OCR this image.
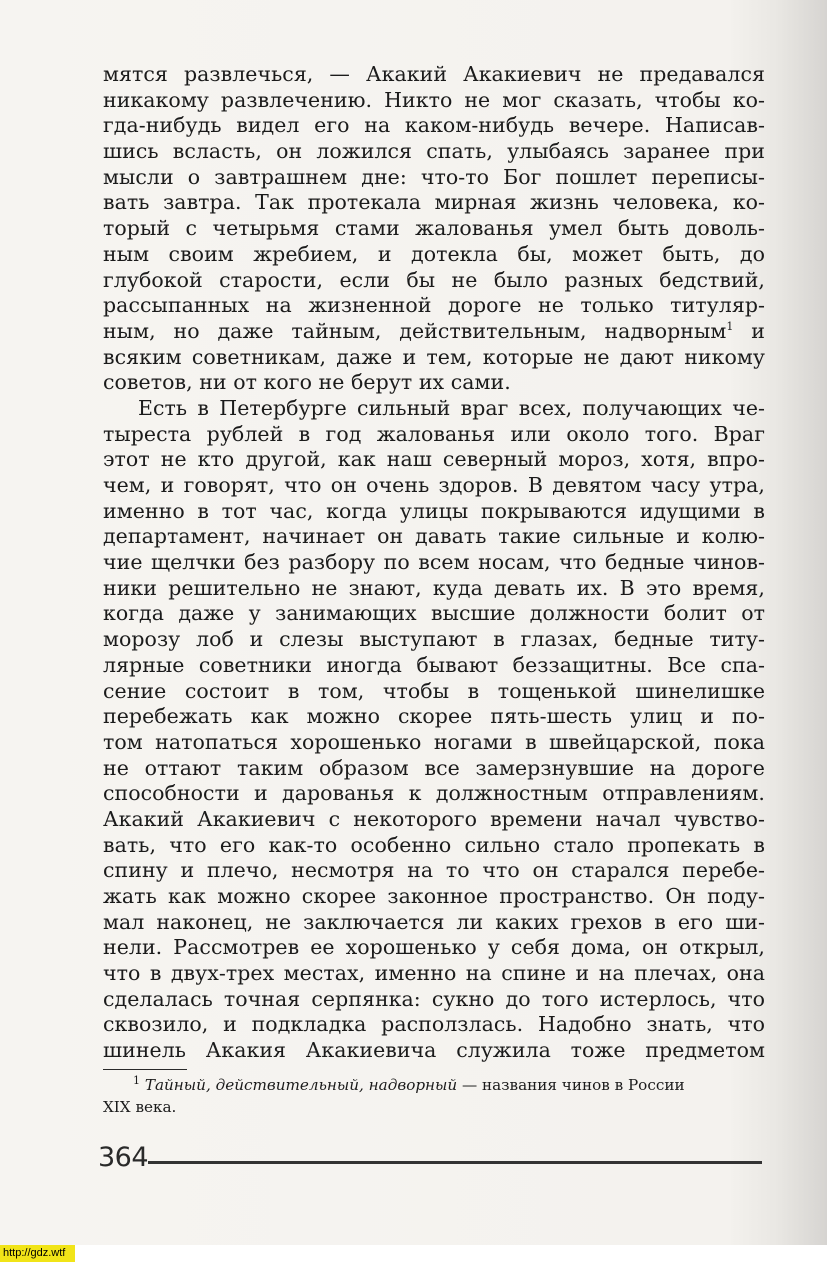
мятся развлечься, — Акакий Акакиевич не предавался
никакому развлечению. Никто не мог сказать, чтобы ко-
гда-нибудь видел его на каком-нибудь вечере. Написав-
шись всласть, он ложился спать, улыбаясь заранее при
мысли о завтрашнем дне: что-то Бог пошлет переписы-
вать завтра. Так протекала мирная жизнь человека, ко-
торый с четырьмя стами жалованья умел быть доволь-
ным своим жребием, и дотекла бы, может быть, до
глубокой старости, если бы не было разных бедствий,
рассыпанных на жизненной дороге не только титуляр-
ным, но даже тайным, действительным, надворным$^1$ и
всяким советникам, даже и тем, которые не дают никому
советов, ни от кого не берут их сами.
Есть в Петербурге сильный враг всех, получающих че-
тыреста рублей в год жалованья или около того. Враг
этот не кто другой, как наш северный мороз, хотя, впро-
чем, и говорят, что он очень здоров. В девятом часу утра,
именно в тот час, когда улицы покрываются идущими в
департамент, начинает он давать такие сильные и колю-
чие щелчки без разбору по всем носам, что бедные чинов-
ники решительно не знают, куда девать их. В это время,
когда даже у занимающих высшие должности болит от
морозу лоб и слезы выступают в глазах, бедные титу-
лярные советники иногда бывают беззащитны. Все спа-
сение состоит в том, чтобы в тощенькой шинелишке
перебежать как можно скорее пять-шесть улиц и по-
том натопаться хорошенько ногами в швейцарской, пока
не оттают таким образом все замерзнувшие на дороге
способности и дарованья к должностным отправлениям.
Акакий Акакиевич с некоторого времени начал чувство-
вать, что его как-то особенно сильно стало пропекать в
спину и плечо, несмотря на то что он старался перебе-
жать как можно скорее законное пространство. Он поду-
мал наконец, не заключается ли каких грехов в его ши-
нели. Рассмотрев ее хорошенько у себя дома, он открыл,
что в двух-трех местах, именно на спине и на плечах, она
сделалась точная серпянка: сукно до того истерлось, что
сквозило, и подкладка расползлась. Надобно знать, что
шинель Акакия Акакиевича служила тоже предметом
$^1$ Тайный, действительный, надворный — названия чинов в России
XIX века.
364
http://gdz.wtf
